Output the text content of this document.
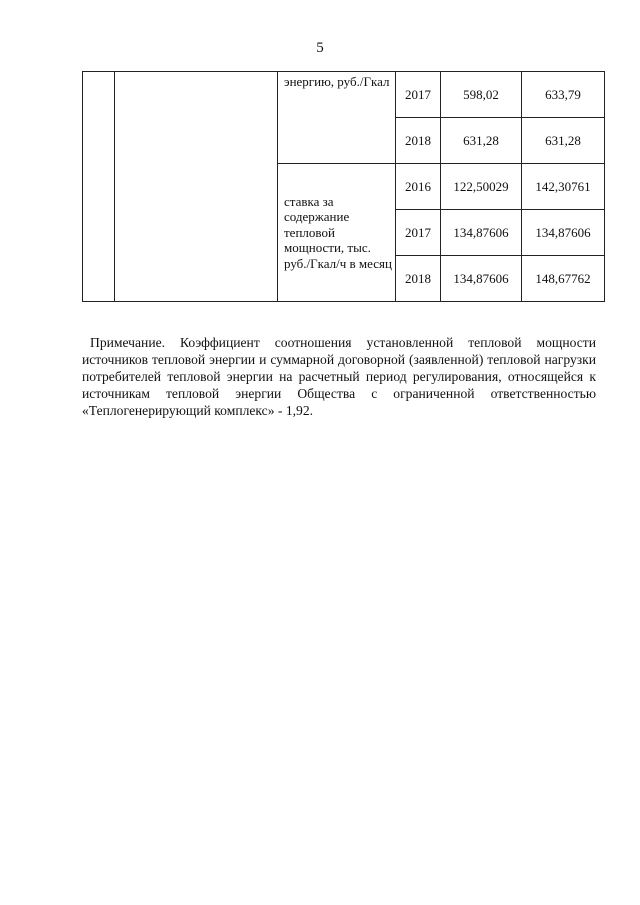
5
		энергию, руб./Гкал	2017	598,02	633,79
			2018	631,28	631,28
		ставка за содержание тепловой мощности, тыс. руб./Гкал/ч в месяц	2016	122,50029	142,30761
			2017	134,87606	134,87606
			2018	134,87606	148,67762

Примечание. Коэффициент соотношения установленной тепловой мощности источников тепловой энергии и суммарной договорной (заявленной) тепловой нагрузки потребителей тепловой энергии на расчетный период регулирования, относящейся к источникам тепловой энергии Общества с ограниченной ответственностью «Теплогенерирующий комплекс» - 1,92.
